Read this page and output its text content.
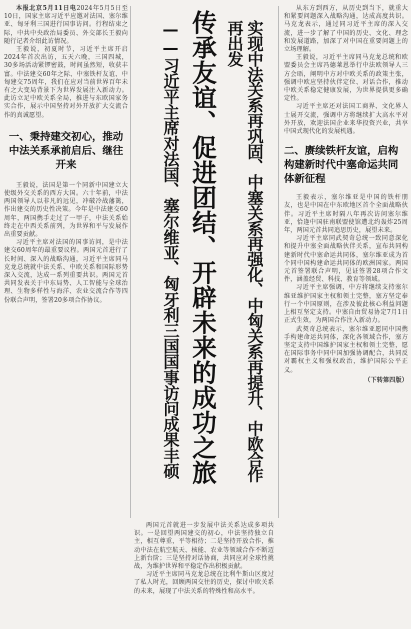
本报北京5月11日电2024年5月5日至10日，国家主席习近平应邀对法国、塞尔维亚、匈牙利三国进行国事访问。行程结束之际，中共中央政治局委员、外交部长王毅向随行记者介绍此访情况。

王毅说，初夏时节，习近平主席开启2024年首次出访，五天六晚，三国四城，30多场活动紧锣密鼓，时间虽然短，收获丰富。中法建交60年之际、中塞铁杆友谊、中匈建交75周年，我们在应对当前世界百年未有之大变局背景下为世界发展注入新动力。此访立足中欧关系全局，推进与东欧国家务实合作，展示中国坚持对外开放扩大交流合作的真诚愿望。

一、秉持建交初心，推动中法关系承前启后、继往开来

王毅说，法国是第一个同新中国建立大使级外交关系的西方大国。六十年前，中法两国领导人以非凡的远见，冲破冷战藩篱，作出建交的历史性决策。今年是中法建交60周年，两国携手走过了一甲子，中法关系始终走在中西关系前列，为世界和平与发展作出重要贡献。

习近平主席对法国的国事访问，是中法建交60周年的最重要议程。两国元首进行了长时间、深入的战略沟通，习近平主席同马克龙总统就中法关系、中欧关系和国际形势深入交流，达成一系列重要共识。两国元首共同发表关于中东局势、人工智能与全球治理、生物多样性与海洋、农业交流合作等四份联合声明，签署20多项合作协议。

两国元首就进一步发展中法关系达成多项共识。一是回望两国建交的初心，中法坚持独立自主，相互尊重，平等相待；二是坚持开放合作，推动中法在航空航天、核能、农业等领域合作不断迈上新台阶；三是坚持对话协商，共同应对全球性挑战，为维护世界和平稳定作出积极贡献。

习近平主席同马克龙总统在比利牛斯山区度过了私人时光，回顾两国交往的历史，探讨中欧关系的未来，展现了中法关系的特殊性和高水平。

传承友谊、促进团结、开辟未来的成功之旅	实现中法关系再巩固、中塞关系再强化、中匈关系再提升、中欧合作再出发
——习近平主席对法国、塞尔维亚、匈牙利三国国事访问成果丰硕

从东方到西方，从历史到当下，就重大和紧要问题深入战略沟通，达成高度共识。马克龙表示，通过同习近平主席的深入交流，进一步了解了中国的历史、文化、理念和发展道路，加深了对中国在重要问题上的立场理解。

王毅说，习近平主席同马克龙总统和欧盟委员会主席冯德莱恩举行中法欧领导人三方会晤，阐明中方对中欧关系的政策主张，强调中欧应坚持伙伴定位、对话合作，推动中欧关系稳定健康发展，为世界提供更多确定性。

习近平主席还对法国工商界、文化界人士展开交流，强调中方将继续扩大高水平对外开放，欢迎法国企业来华投资兴业，共享中国式现代化的发展机遇。

二、赓续铁杆友谊，启构构建新时代中塞命运共同体新征程

王毅表示，塞尔维亚是中国的铁杆朋友，也是中国在中东欧地区首个全面战略伙伴。习近平主席时隔八年再次访问塞尔维亚，恰逢中国驻南联盟使馆遭北约轰炸25周年，两国元首共同追思历史，展望未来。

习近平主席同武契奇总统一致同意深化和提升中塞全面战略伙伴关系，宣布共同构建新时代中塞命运共同体，塞尔维亚成为首个同中国构建命运共同体的欧洲国家。两国元首签署联合声明，见证签署28项合作文件，涵盖经贸、科技、教育等领域。

习近平主席强调，中方将继续支持塞尔维亚维护国家主权和领土完整，塞方坚定奉行一个中国原则，在涉及彼此核心利益问题上相互坚定支持。中塞自由贸易协定7月1日正式生效，为两国合作注入新动力。

武契奇总统表示，塞尔维亚愿同中国携手构建命运共同体，深化各领域合作，塞方坚定支持中国维护国家主权和领土完整，愿在国际事务中同中国加强协调配合，共同反对霸权主义和强权政治，维护国际公平正义。

（下转第四版）
